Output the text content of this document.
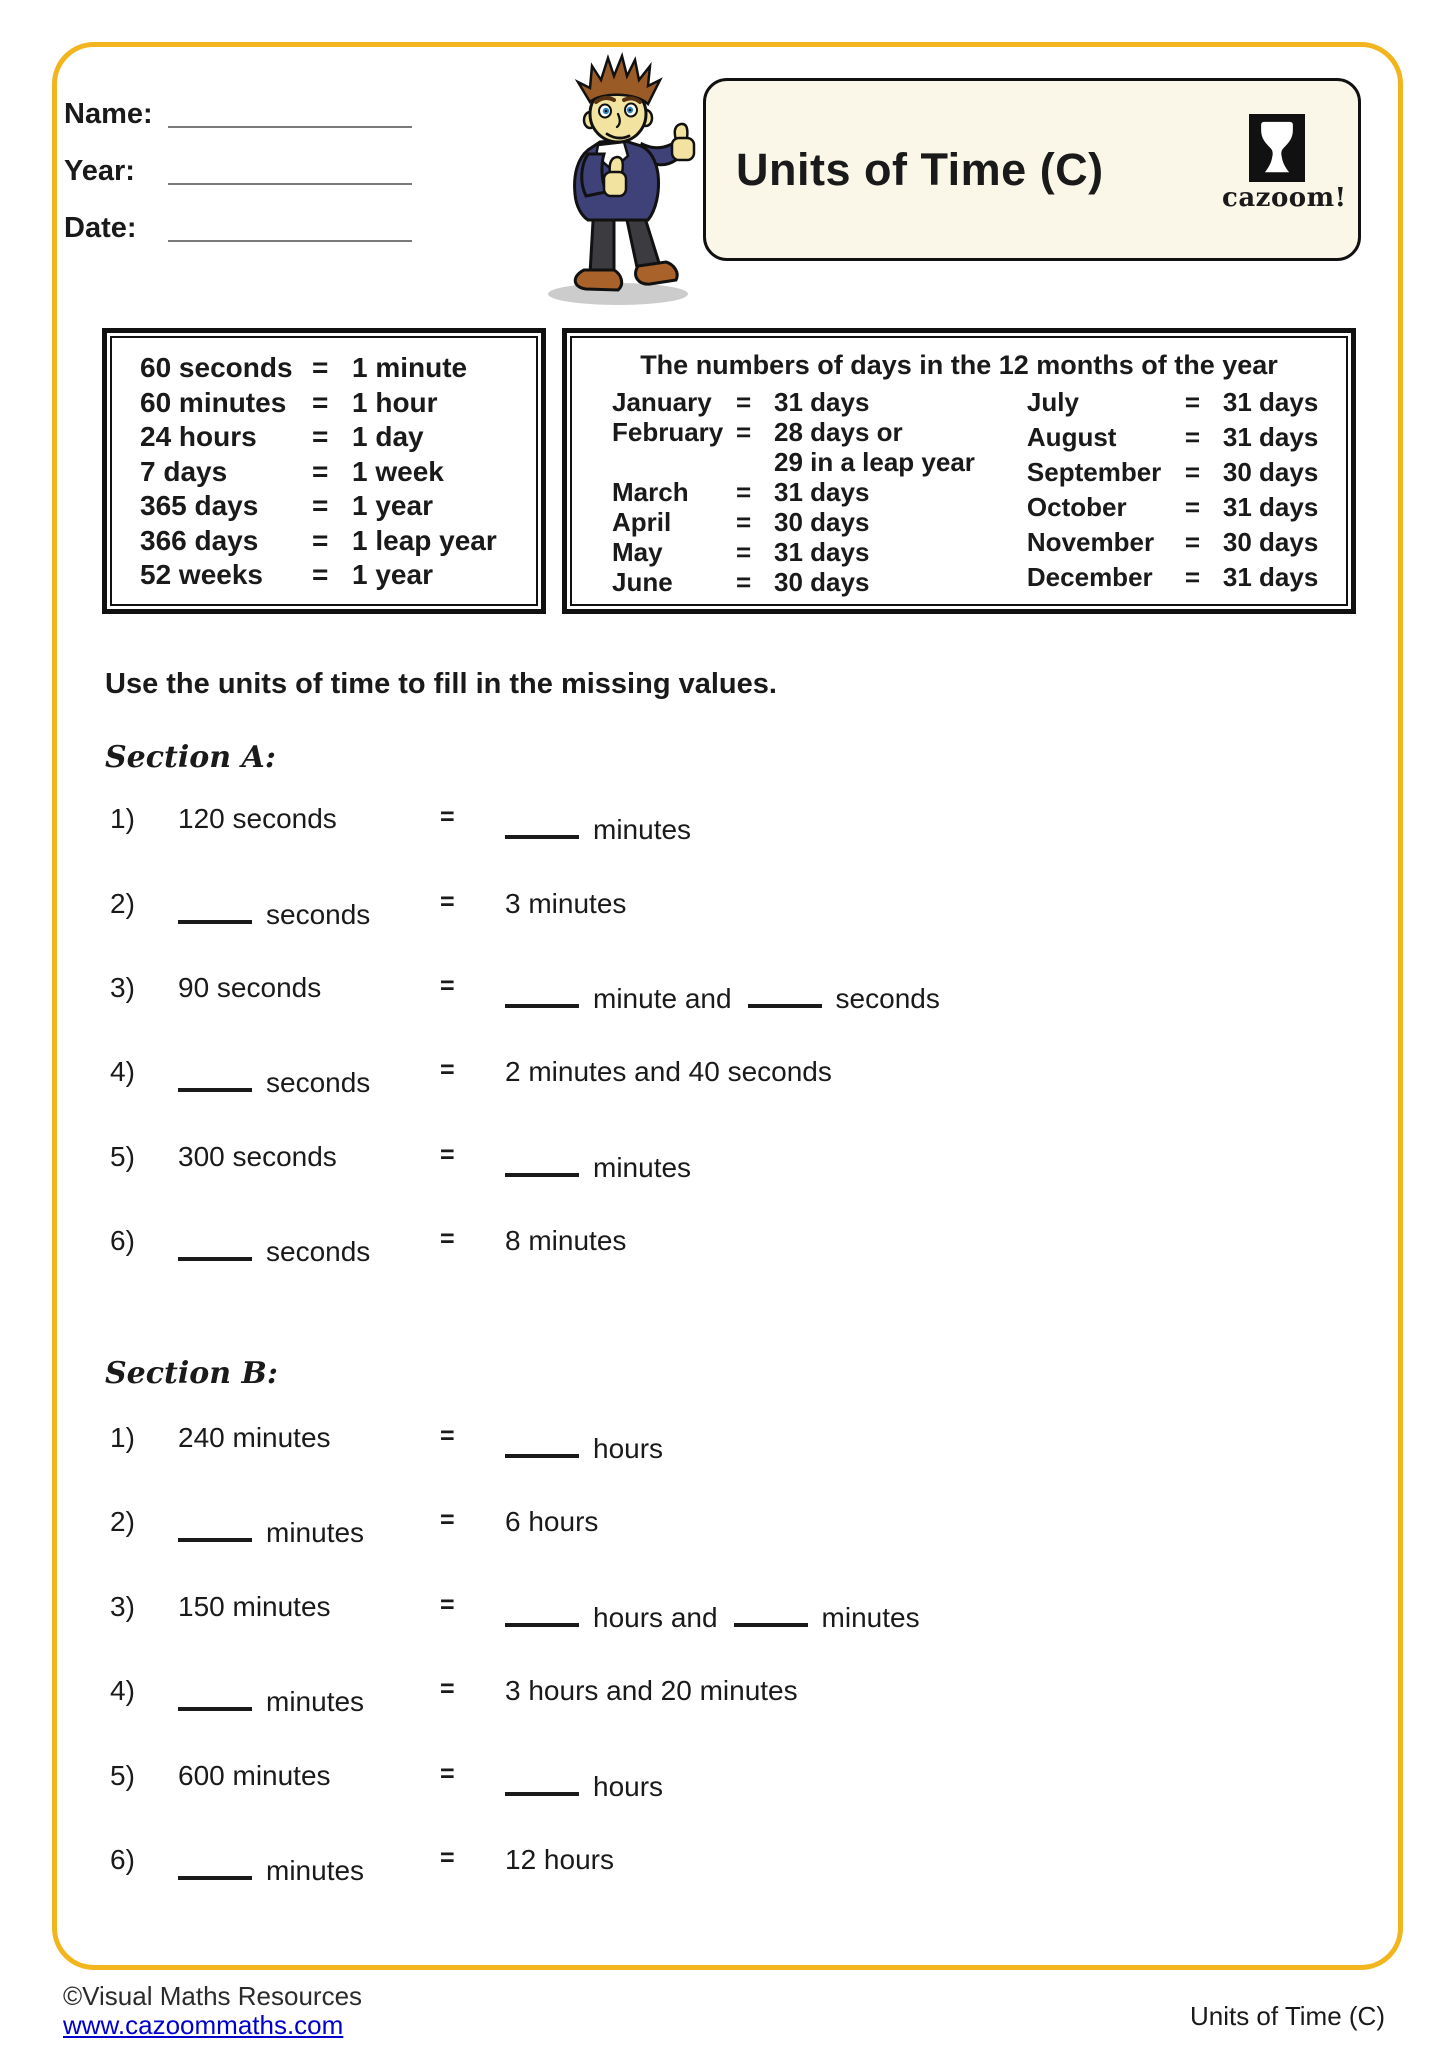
Name:
Year:
Date:
Units of Time (C)
cazoom!
60 seconds = 1 minute
60 minutes = 1 hour
24 hours	= 1 day
7 days	= 1 week
365 days	= 1 year
366 days	= 1 leap year
52 weeks	= 1 year
The numbers of days in the 12 months of the year
January = 31 days
February = 28 days or
29 in a leap year
March	= 31 days
April	= 30 days
May	= 31 days
June	= 30 days
July	= 31 days
August	= 31 days
September = 30 days
October	= 31 days
November	= 30 days
December	= 31 days
Use the units of time to fill in the missing values.
Section A:
Section B:
1) 120 seconds	=	minutes
2)	seconds	= 3 minutes
3) 90 seconds	=	minute and	seconds
4)	seconds	= 2 minutes and 40 seconds
5) 300 seconds	=	minutes
6)	seconds	= 8 minutes
1) 240 minutes	=	hours
2)	minutes	= 6 hours
3) 150 minutes	=	hours and	minutes
4)	minutes	= 3 hours and 20 minutes
5) 600 minutes	=	hours
6)	minutes	= 12 hours
©Visual Maths Resources
www.cazoommaths.com	Units of Time (C)
